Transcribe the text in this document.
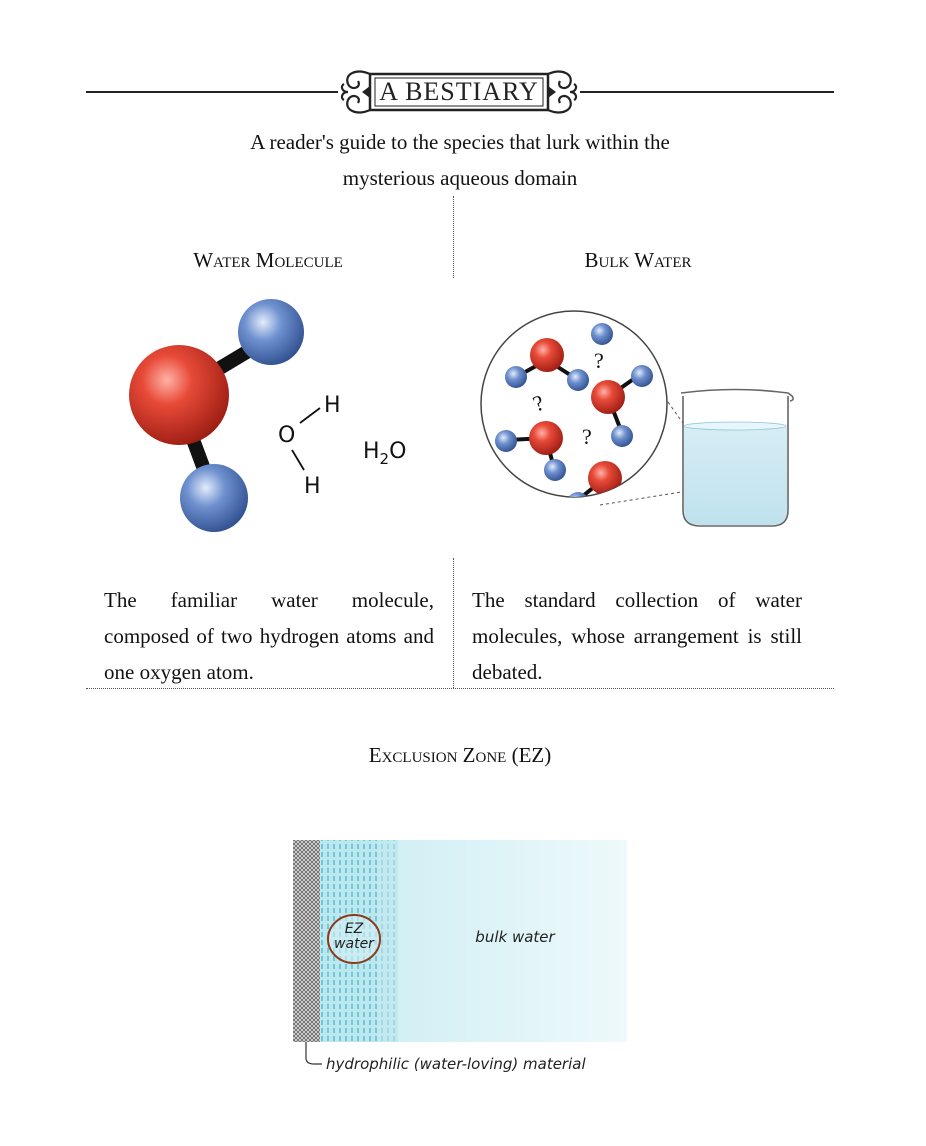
A BESTIARY
A reader's guide to the species that lurk within the
mysterious aqueous domain
Water Molecule
H
O
H
$H_2O$
The familiar water molecule, composed of two hydrogen atoms and one oxygen atom.
Bulk Water
?
?
?
The standard collection of water molecules, whose arrangement is still debated.
Exclusion Zone (EZ)
EZ
water	bulk water
hydrophilic (water-loving) material
